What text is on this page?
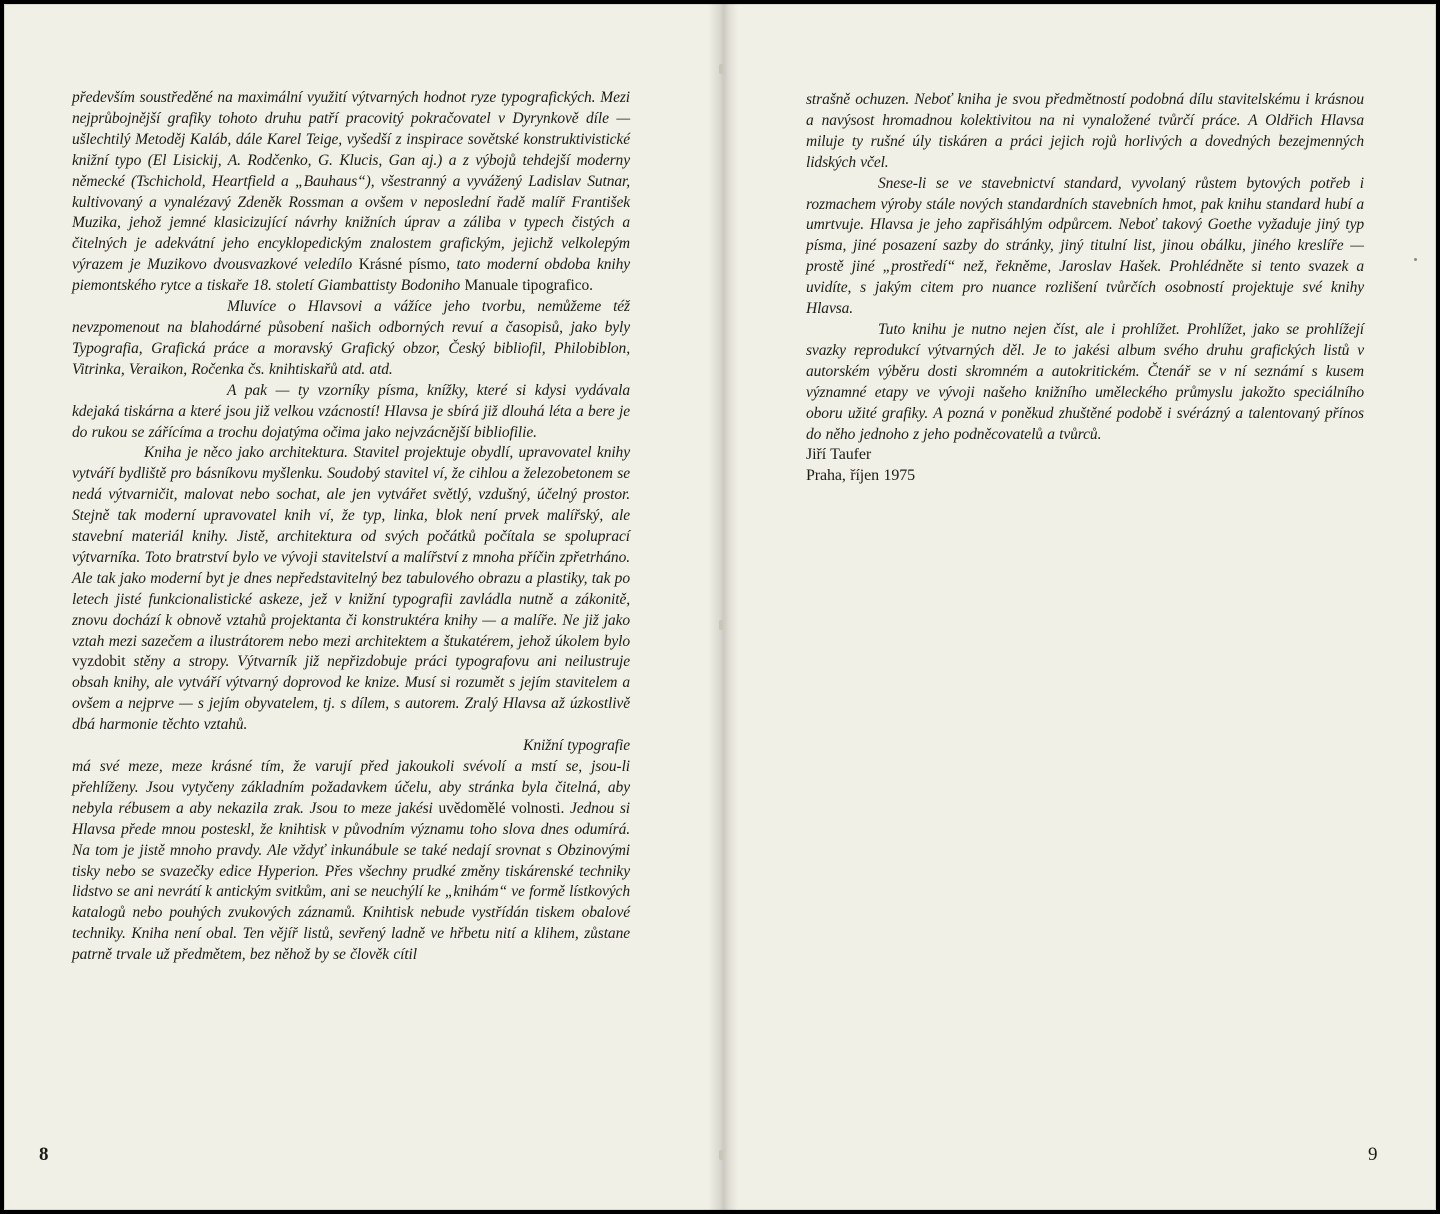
především soustředěné na maximální využití výtvarných hodnot ryze typografických. Mezi nejprůbojnější grafiky tohoto druhu patří pracovitý pokračovatel v Dyrynkově díle — ušlechtilý Metoděj Kaláb, dále Karel Teige, vyšedší z inspirace sovětské konstruktivistické knižní typo (El Lisickij, A. Rodčenko, G. Klucis, Gan aj.) a z výbojů tehdejší moderny německé (Tschichold, Heartfield a „Bauhaus“), všestranný a vyvážený Ladislav Sutnar, kultivovaný a vynalézavý Zdeněk Rossman a ovšem v neposlední řadě malíř František Muzika, jehož jemné klasicizující návrhy knižních úprav a záliba v typech čistých a čitelných je adekvátní jeho encyklopedickým znalostem grafickým, jejichž velkolepým výrazem je Muzikovo dvousvazkové veledílo Krásné písmo, tato moderní obdoba knihy piemontského rytce a tiskaře 18. století Giambattisty Bodoniho Manuale tipografico.

Mluvíce o Hlavsovi a vážíce jeho tvorbu, nemůžeme též nevzpomenout na blahodárné působení našich odborných revuí a časopisů, jako byly Typografia, Grafická práce a moravský Grafický obzor, Český bibliofil, Philobiblon, Vitrinka, Veraikon, Ročenka čs. knihtiskařů atd. atd.

A pak — ty vzorníky písma, knížky, které si kdysi vydávala kdejaká tiskárna a které jsou již velkou vzácností! Hlavsa je sbírá již dlouhá léta a bere je do rukou se zářícíma a trochu dojatýma očima jako nejvzácnější bibliofilie.

Kniha je něco jako architektura. Stavitel projektuje obydlí, upravovatel knihy vytváří bydliště pro básníkovu myšlenku. Soudobý stavitel ví, že cihlou a železobetonem se nedá výtvarničit, malovat nebo sochat, ale jen vytvářet světlý, vzdušný, účelný prostor. Stejně tak moderní upravovatel knih ví, že typ, linka, blok není prvek malířský, ale stavební materiál knihy. Jistě, architektura od svých počátků počítala se spoluprací výtvarníka. Toto bratrství bylo ve vývoji stavitelství a malířství z mnoha příčin zpřetrháno. Ale tak jako moderní byt je dnes nepředstavitelný bez tabulového obrazu a plastiky, tak po letech jisté funkcionalistické askeze, jež v knižní typografii zavládla nutně a zákonitě, znovu dochází k obnově vztahů projektanta či konstruktéra knihy — a malíře. Ne již jako vztah mezi sazečem a ilustrátorem nebo mezi architektem a štukatérem, jehož úkolem bylo vyzdobit stěny a stropy. Výtvarník již nepřizdobuje práci typografovu ani neilustruje obsah knihy, ale vytváří výtvarný doprovod ke knize. Musí si rozumět s jejím stavitelem a ovšem a nejprve — s jejím obyvatelem, tj. s dílem, s autorem. Zralý Hlavsa až úzkostlivě dbá harmonie těchto vztahů.

Knižní typografie

má své meze, meze krásné tím, že varují před jakoukoli svévolí a mstí se, jsou-li přehlíženy. Jsou vytyčeny základním požadavkem účelu, aby stránka byla čitelná, aby nebyla rébusem a aby nekazila zrak. Jsou to meze jakési uvědomělé volnosti. Jednou si Hlavsa přede mnou posteskl, že knihtisk v původním významu toho slova dnes odumírá. Na tom je jistě mnoho pravdy. Ale vždyť inkunábule se také nedají srovnat s Obzinovými tisky nebo se svazečky edice Hyperion. Přes všechny prudké změny tiskárenské techniky lidstvo se ani nevrátí k antickým svitkům, ani se neuchýlí ke „knihám“ ve formě lístkových katalogů nebo pouhých zvukových záznamů. Knihtisk nebude vystřídán tiskem obalové techniky. Kniha není obal. Ten vějíř listů, sevřený ladně ve hřbetu nití a klihem, zůstane patrně trvale už předmětem, bez něhož by se člověk cítil

8

strašně ochuzen. Neboť kniha je svou předmětností podobná dílu stavitelskému i krásnou a navýsost hromadnou kolektivitou na ni vynaložené tvůrčí práce. A Oldřich Hlavsa miluje ty rušné úly tiskáren a práci jejich rojů horlivých a dovedných bezejmenných lidských včel.

Snese-li se ve stavebnictví standard, vyvolaný růstem bytových potřeb i rozmachem výroby stále nových standardních stavebních hmot, pak knihu standard hubí a umrtvuje. Hlavsa je jeho zapřisáhlým odpůrcem. Neboť takový Goethe vyžaduje jiný typ písma, jiné posazení sazby do stránky, jiný titulní list, jinou obálku, jiného kreslíře — prostě jiné „prostředí“ než, řekněme, Jaroslav Hašek. Prohlédněte si tento svazek a uvidíte, s jakým citem pro nuance rozlišení tvůrčích osobností projektuje své knihy Hlavsa.

Tuto knihu je nutno nejen číst, ale i prohlížet. Prohlížet, jako se prohlížejí svazky reprodukcí výtvarných děl. Je to jakési album svého druhu grafických listů v autorském výběru dosti skromném a autokritickém. Čtenář se v ní seznámí s kusem významné etapy ve vývoji našeho knižního uměleckého průmyslu jakožto speciálního oboru užité grafiky. A pozná v poněkud zhuštěné podobě i svérázný a talentovaný přínos do něho jednoho z jeho podněcovatelů a tvůrců.

Jiří Taufer

Praha, říjen 1975

9
